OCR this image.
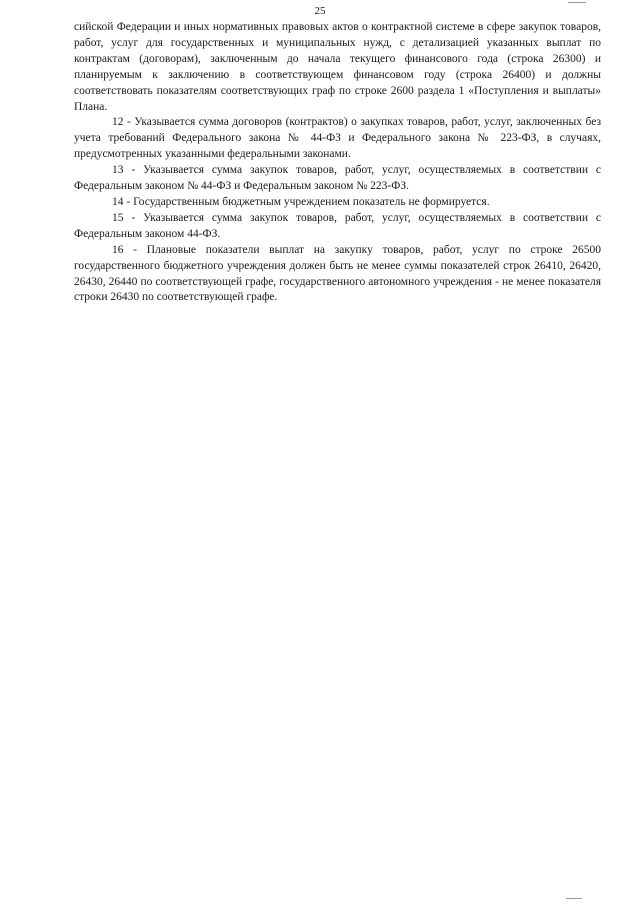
25

сийской Федерации и иных нормативных правовых актов о контрактной системе в сфере закупок товаров, работ, услуг для государственных и муниципальных нужд, с детализацией указанных выплат по контрактам (договорам), заключенным до начала текущего финансового года (строка 26300) и планируемым к заключению в соответствующем финансовом году (строка 26400) и должны соответствовать показателям соответствующих граф по строке 2600 раздела 1 «Поступления и выплаты» Плана.

12 - Указывается сумма договоров (контрактов) о закупках товаров, работ, услуг, заключенных без учета требований Федерального закона № 44-ФЗ и Федерального закона № 223-ФЗ, в случаях, предусмотренных указанными федеральными законами.

13 - Указывается сумма закупок товаров, работ, услуг, осуществляемых в соответствии с Федеральным законом № 44-ФЗ и Федеральным законом № 223-ФЗ.

14 - Государственным бюджетным учреждением показатель не формируется.

15 - Указывается сумма закупок товаров, работ, услуг, осуществляемых в соответствии с Федеральным законом 44-ФЗ.

16 - Плановые показатели выплат на закупку товаров, работ, услуг по строке 26500 государственного бюджетного учреждения должен быть не менее суммы показателей строк 26410, 26420, 26430, 26440 по соответствующей графе, государственного автономного учреждения - не менее показателя строки 26430 по соответствующей графе.
